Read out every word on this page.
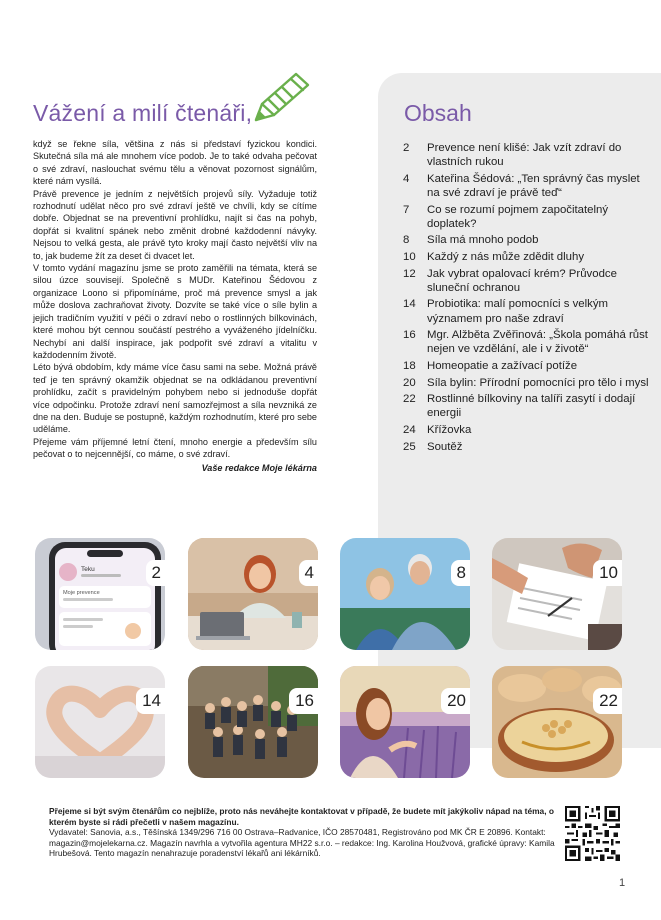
Vážení a milí čtenáři,

když se řekne síla, většina z nás si představí fyzickou kondici. Skutečná síla má ale mnohem více podob. Je to také odvaha pečovat o své zdraví, naslouchat svému tělu a věnovat pozornost signálům, které nám vysílá.

Právě prevence je jedním z největších projevů síly. Vyžaduje totiž rozhodnutí udělat něco pro své zdraví ještě ve chvíli, kdy se cítíme dobře. Objednat se na preventivní prohlídku, najít si čas na pohyb, dopřát si kvalitní spánek nebo změnit drobné každodenní návyky. Nejsou to velká gesta, ale právě tyto kroky mají často největší vliv na to, jak budeme žít za deset či dvacet let.

V tomto vydání magazínu jsme se proto zaměřili na témata, která se silou úzce souvisejí. Společně s MUDr. Kateřinou Šédovou z organizace Loono si připomínáme, proč má prevence smysl a jak může doslova zachraňovat životy. Dozvíte se také více o síle bylin a jejich tradičním využití v péči o zdraví nebo o rostlinných bílkovinách, které mohou být cennou součástí pestrého a vyváženého jídelníčku. Nechybí ani další inspirace, jak podpořit své zdraví a vitalitu v každodenním životě.

Léto bývá obdobím, kdy máme více času sami na sebe. Možná právě teď je ten správný okamžik objednat se na odkládanou preventivní prohlídku, začít s pravidelným pohybem nebo si jednoduše dopřát více odpočinku. Protože zdraví není samozřejmost a síla nevzniká ze dne na den. Buduje se postupně, každým rozhodnutím, které pro sebe uděláme.

Přejeme vám příjemné letní čtení, mnoho energie a především sílu pečovat o to nejcennější, co máme, o své zdraví.

Vaše redakce Moje lékárna

Obsah
2	Prevence není klišé: Jak vzít zdraví do vlastních rukou
4	Kateřina Šédová: „Ten správný čas myslet na své zdraví je právě teď“
7	Co se rozumí pojmem započitatelný doplatek?
8	Síla má mnoho podob
10 Každý z nás může zdědit dluhy
12 Jak vybrat opalovací krém? Průvodce sluneční ochranou
14 Probiotika: malí pomocníci s velkým významem pro naše zdraví
16 Mgr. Alžběta Zvěřinová: „Škola pomáhá růst nejen ve vzdělání, ale i v životě“
18 Homeopatie a zažívací potíže
20 Síla bylin: Přírodní pomocníci pro tělo i mysl
22 Rostlinné bílkoviny na talíři zasytí i dodají energii
24 Křížovka
25 Soutěž
Teku
Moje prevence
2	4	8	10
14	16	20	22

Přejeme si být svým čtenářům co nejblíže, proto nás neváhejte kontaktovat v případě, že budete mít jakýkoliv nápad na téma, o kterém byste si rádi přečetli v našem magazínu.

Vydavatel: Sanovia, a.s., Těšínská 1349/296 716 00 Ostrava–Radvanice, IČO 28570481, Registrováno pod MK ČR E 20896. Kontakt: magazin@mojelekarna.cz. Magazín navrhla a vytvořila agentura MH22 s.r.o. – redakce: Ing. Karolina Houžvová, grafické úpravy: Kamila Hrubešová. Tento magazín nenahrazuje poradenství lékařů ani lékárníků.

1
